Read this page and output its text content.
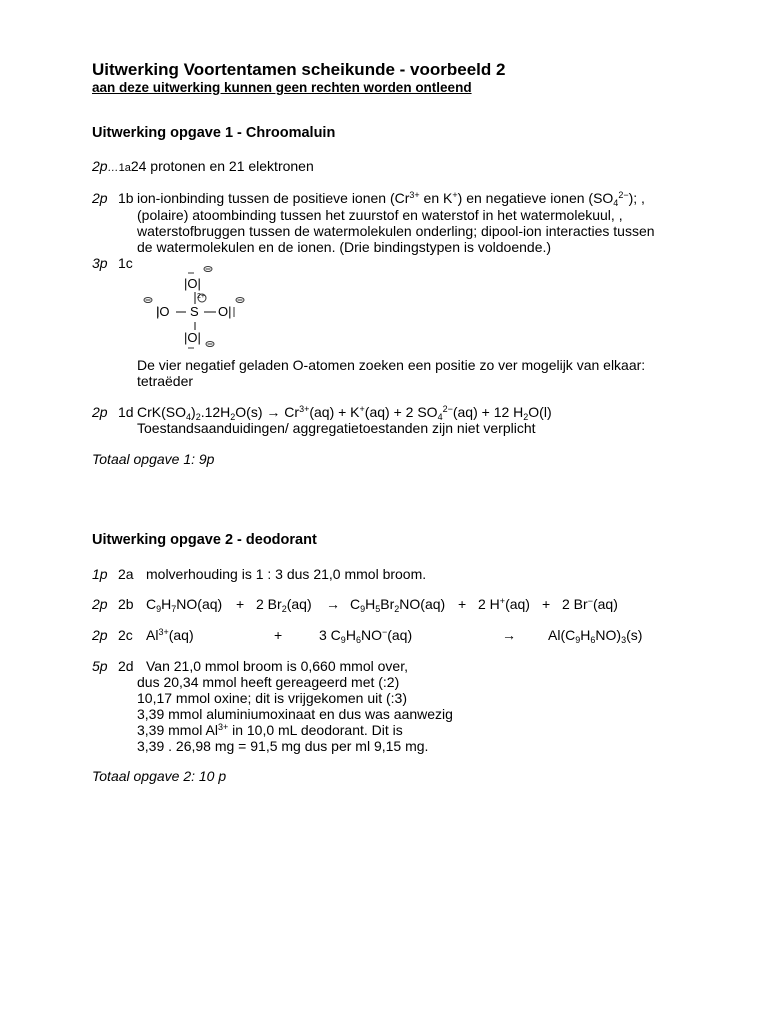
Uitwerking Voortentamen scheikunde - voorbeeld 2
aan deze uitwerking kunnen geen rechten worden ontleend
Uitwerking opgave 1 - Chroomaluin
2p…1a24 protonen en 21 elektronen
2p 1b ion-ionbinding tussen de positieve ionen ($Cr^{3+}$ en K+) en negatieve ionen $(SO_4^{2-})$; ,
(polaire) atoombinding tussen het zuurstof en waterstof in het watermolekuul, ,
waterstofbruggen tussen de watermolekulen onderling; dipool-ion interacties tussen
de watermolekulen en de ionen. (Drie bindingstypen is voldoende.)
3p 1c
|O|
|O S
2+
O|
|O|
De vier negatief geladen O-atomen zoeken een positie zo ver mogelijk van elkaar:
tetraëder
2p 1d $CrK(SO_4)_2.12H_2O(s) \to Cr^{3+}(aq) + K^+(aq) + 2$ $SO_4^{2-}(aq) + 12$ $H_2O(l)$
Toestandsaanduidingen/ aggregatietoestanden zijn niet verplicht
Totaal opgave 1: 9p
Uitwerking opgave 2 - deodorant
1p 2a molverhouding is 1 : 3 dus 21,0 mmol broom.
2p 2b $C_9H_7NO(aq) + 2$ $Br_2(aq) \to C_9H_5Br_2NO(aq) + 2$ H+(aq) + 2 Br−(aq)
2p 2c $Al^{3+}(aq)$	+	3 $C_9H_6NO^-(aq)$	→ $Al(C_9H_6NO)_3(s)$
5p 2d Van 21,0 mmol broom is 0,660 mmol over,
dus 20,34 mmol heeft gereageerd met (:2)
10,17 mmol oxine; dit is vrijgekomen uit (:3)
3,39 mmol aluminiumoxinaat en dus was aanwezig
3,39 mmol $Al^{3+}$ in 10,0 mL deodorant. Dit is
3,39 . 26,98 mg = 91,5 mg dus per ml 9,15 mg.
Totaal opgave 2: 10 p
